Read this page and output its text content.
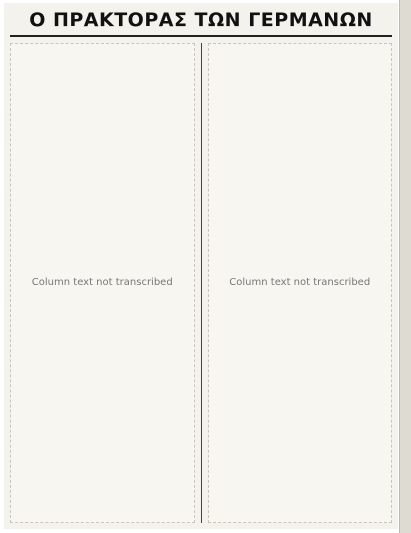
Ο ΠΡΑΚΤΟΡΑΣ ΤΩΝ ΓΕΡΜΑΝΩΝ
Column text not transcribed	Column text not transcribed
